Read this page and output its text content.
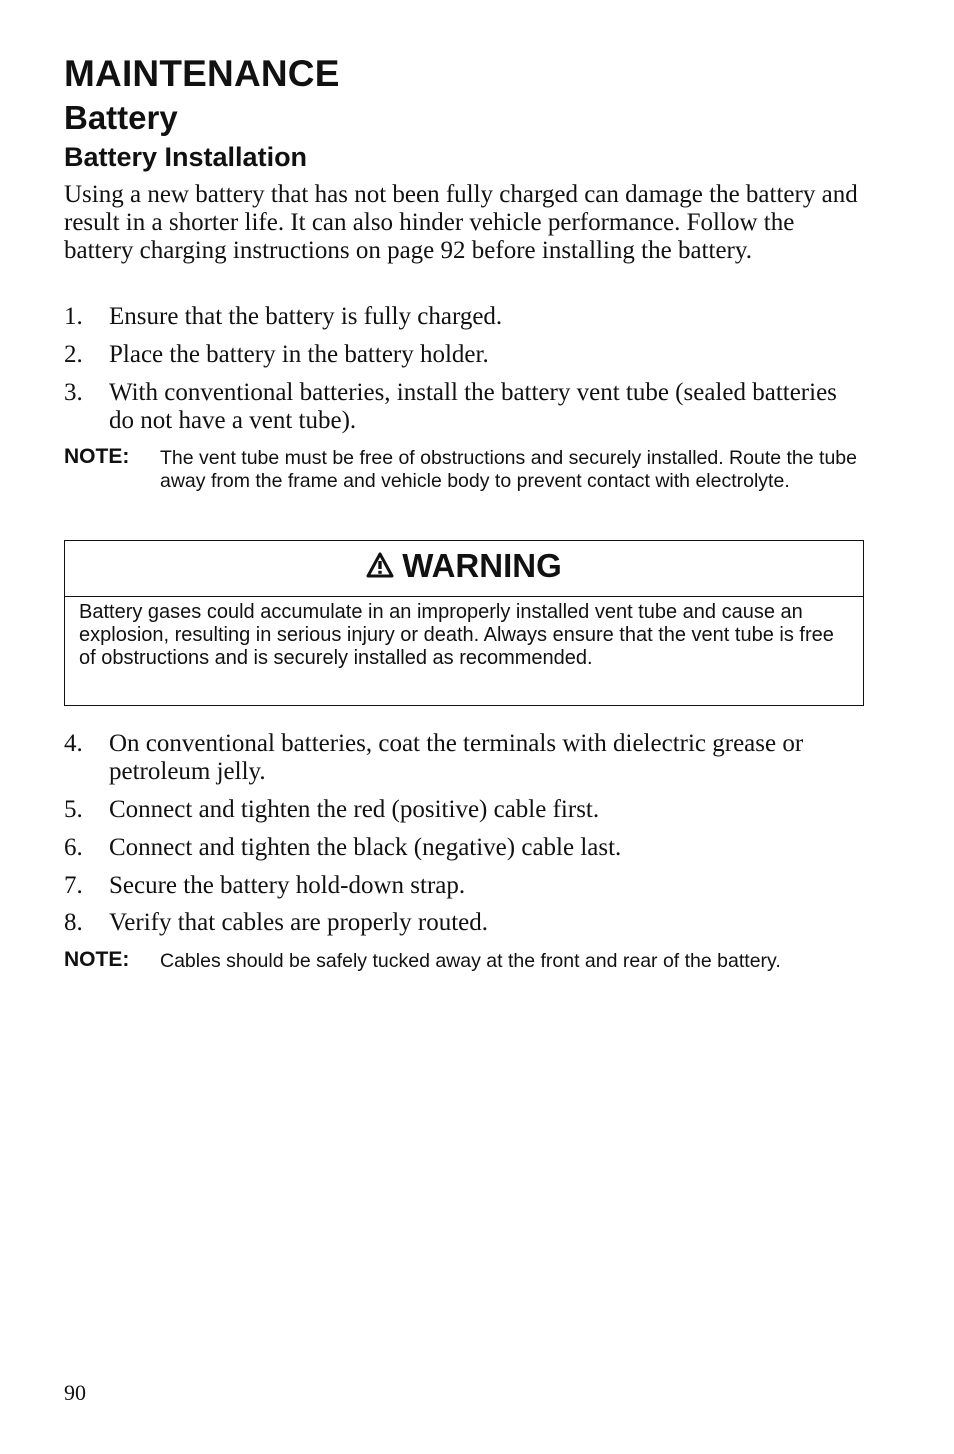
MAINTENANCE
Battery
Battery Installation
Using a new battery that has not been fully charged can damage the battery and result in a shorter life. It can also hinder vehicle performance. Follow the battery charging instructions on page 92 before installing the battery.
1.	Ensure that the battery is fully charged.
2.	Place the battery in the battery holder.
3.	With conventional batteries, install the battery vent tube (sealed batteries do not have a vent tube).
NOTE: The vent tube must be free of obstructions and securely installed. Route the tube away from the frame and vehicle body to prevent contact with electrolyte.
WARNING
Battery gases could accumulate in an improperly installed vent tube and cause an explosion, resulting in serious injury or death. Always ensure that the vent tube is free of obstructions and is securely installed as recommended.
4.	On conventional batteries, coat the terminals with dielectric grease or petroleum jelly.
5.	Connect and tighten the red (positive) cable first.
6.	Connect and tighten the black (negative) cable last.
7.	Secure the battery hold-down strap.
8.	Verify that cables are properly routed.
NOTE: Cables should be safely tucked away at the front and rear of the battery.
90
